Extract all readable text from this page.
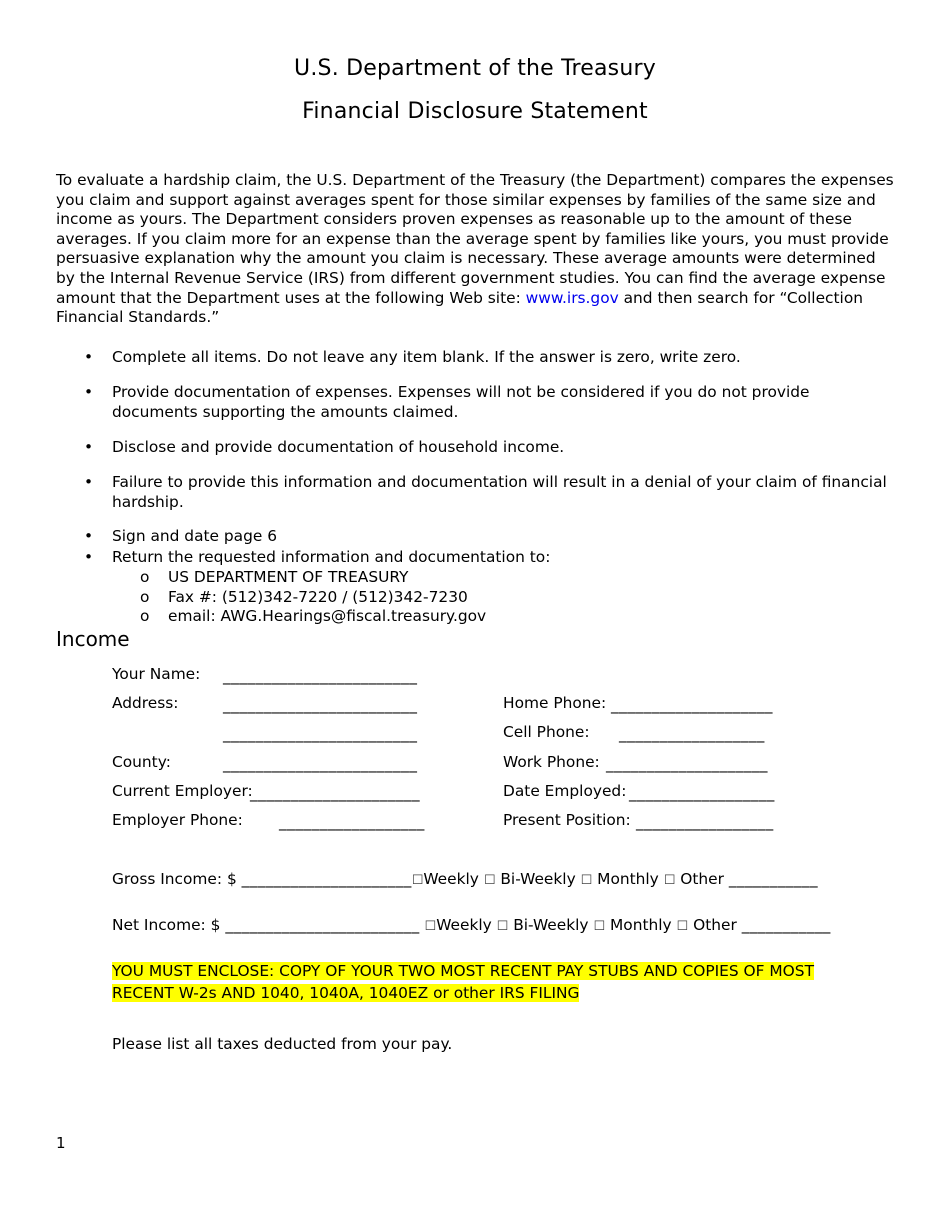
U.S. Department of the Treasury
Financial Disclosure Statement

To evaluate a hardship claim, the U.S. Department of the Treasury (the Department) compares the expenses you claim and support against averages spent for those similar expenses by families of the same size and income as yours. The Department considers proven expenses as reasonable up to the amount of these averages. If you claim more for an expense than the average spent by families like yours, you must provide persuasive explanation why the amount you claim is necessary. These average amounts were determined by the Internal Revenue Service (IRS) from different government studies. You can find the average expense amount that the Department uses at the following Web site: www.irs.gov and then search for “Collection Financial Standards.”

• Complete all items. Do not leave any item blank. If the answer is zero, write zero.
• Provide documentation of expenses. Expenses will not be considered if you do not provide documents supporting the amounts claimed.
• Disclose and provide documentation of household income.
• Failure to provide this information and documentation will result in a denial of your claim of financial hardship.
• Sign and date page 6
• Return the requested information and documentation to:
o US DEPARTMENT OF TREASURY
o Fax #: (512)342-7220 / (512)342-7230
o email: AWG.Hearings@fiscal.treasury.gov
Income
Your Name: ________________________
Address:	________________________
________________________
County:	________________________
Current Employer:
_____________________
Employer Phone: __________________
Home Phone: ____________________
Cell Phone: __________________
Work Phone: ____________________
Date Employed: __________________
Present Position: _________________
Gross Income: $ _____________________☐Weekly ☐ Bi-Weekly ☐ Monthly ☐ Other ___________
Net Income: $ ________________________ ☐Weekly ☐ Bi-Weekly ☐ Monthly ☐ Other ___________
YOU MUST ENCLOSE: COPY OF YOUR TWO MOST RECENT PAY STUBS AND COPIES OF MOST RECENT W-2s AND 1040, 1040A, 1040EZ or other IRS FILING
Please list all taxes deducted from your pay.
1
